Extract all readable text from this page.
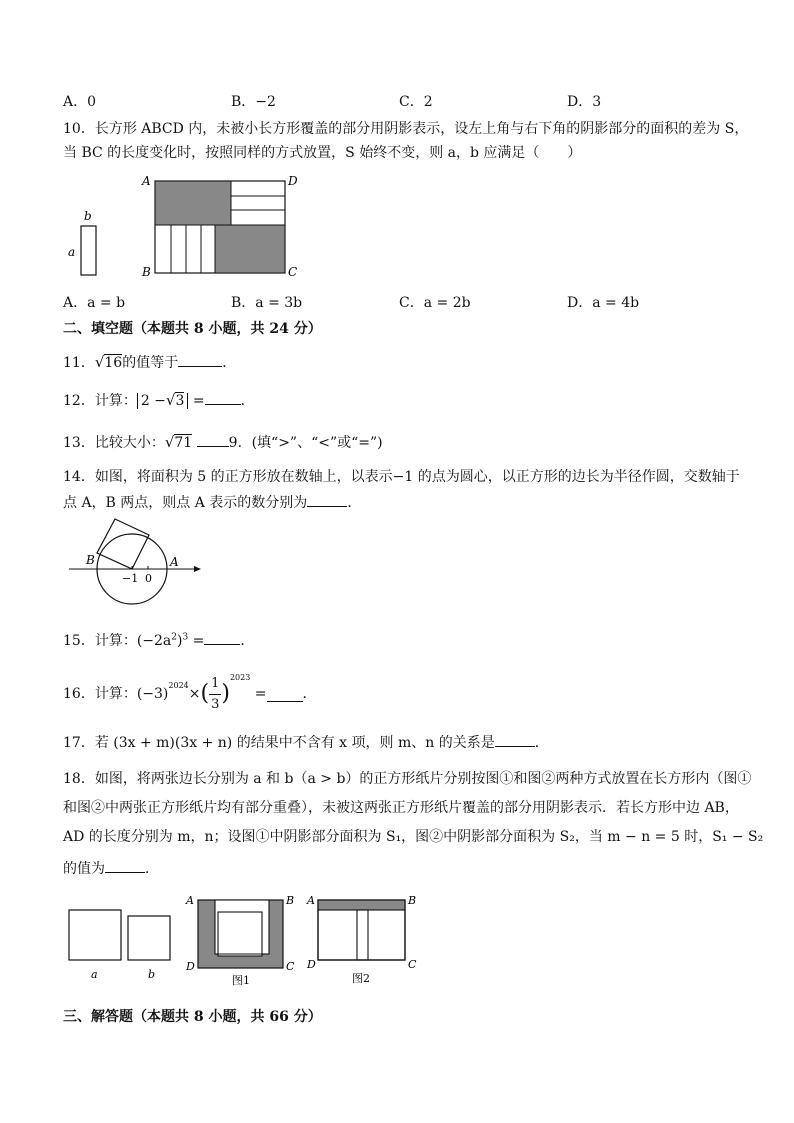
A．0	B．−2	C．2	D．3
10．长方形 ABCD 内，未被小长方形覆盖的部分用阴影表示，设左上角与右下角的阴影部分的面积的差为 S，
当 BC 的长度变化时，按照同样的方式放置，S 始终不变，则 a，b 应满足（　　）
b
a
A	D
B	C
A．a = b	B．a = 3b	C．a = 2b	D．a = 4b
二、填空题（本题共 8 小题，共 24 分）
11．√16的值等于	．
12．计算： 2 −√3 =	．
13．比较大小：√71	9．(填“>”、“<”或“=”)
14．如图，将面积为 5 的正方形放在数轴上，以表示−1 的点为圆心，以正方形的边长为半径作圆，交数轴于
点 A，B 两点，则点 A 表示的数分别为	．
B	A
−1 0
15．计算：$(-2a^2)^3$ =	．
16．计算：$(-3)^{2024}\times( \frac{1}{3} )^{2023}$ =	．
17．若 (3x + m)(3x + n) 的结果中不含有 x 项，则 m、n 的关系是	．
18．如图，将两张边长分别为 a 和 b（a > b）的正方形纸片分别按图①和图②两种方式放置在长方形内（图①
和图②中两张正方形纸片均有部分重叠），未被这两张正方形纸片覆盖的部分用阴影表示．若长方形中边 AB，
AD 的长度分别为 m，n；设图①中阴影部分面积为 S₁，图②中阴影部分面积为 S₂，当 m − n = 5 时，S₁ − S₂
的值为	．
a	b
A	B
D	C
图1
A	B
D	C
图2
三、解答题（本题共 8 小题，共 66 分）
